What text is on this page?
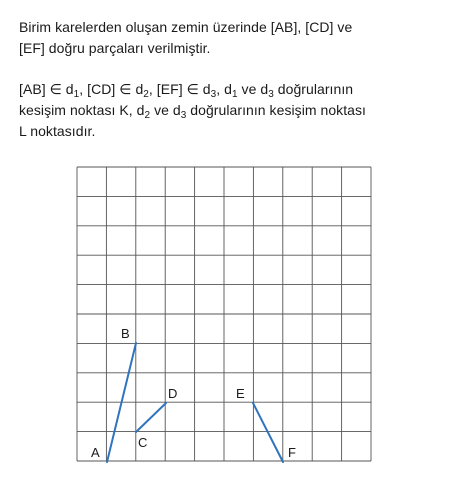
Birim karelerden oluşan zemin üzerinde [AB], [CD] ve
[EF] doğru parçaları verilmiştir.

[AB] ∈ $d_1$, [CD] ∈ $d_2$, [EF] ∈ $d_3$, $d_1$ ve $d_3$ doğrularının
kesişim noktası K, $d_2$ ve $d_3$ doğrularının kesişim noktası
L noktasıdır.

A
B
C
D	E
F
